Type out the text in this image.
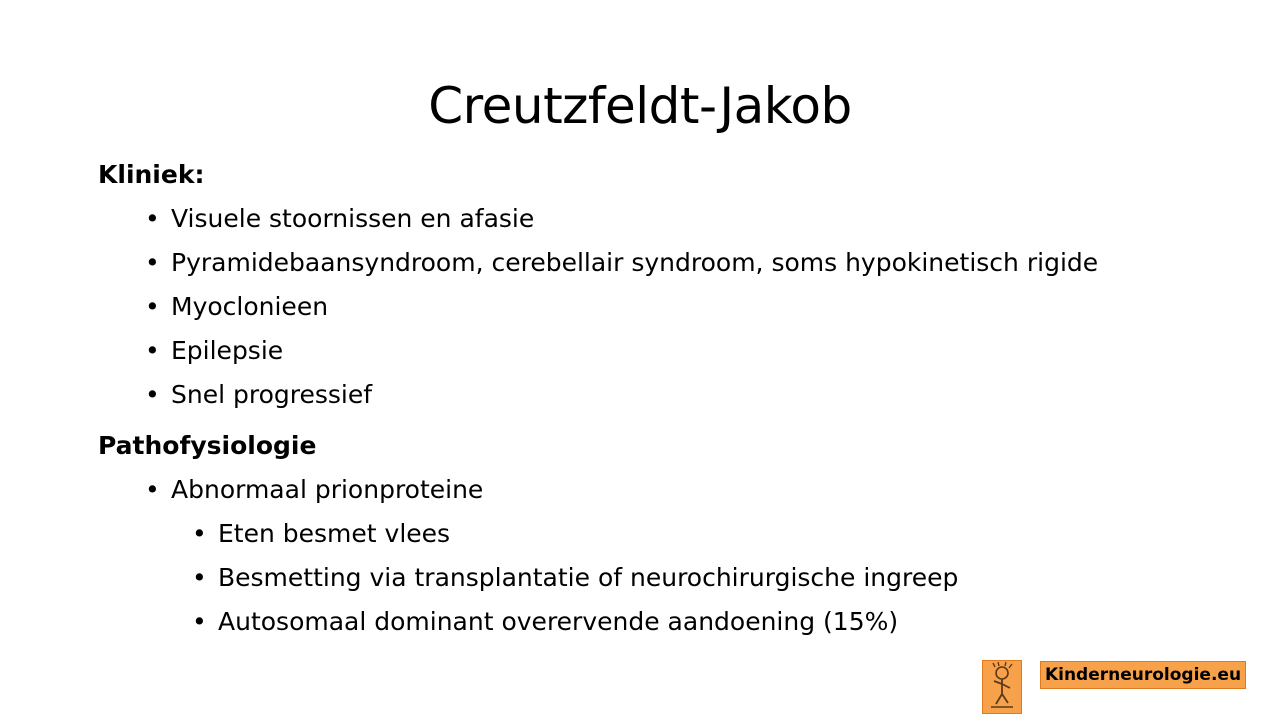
Creutzfeldt-Jakob
Kliniek:
• Visuele stoornissen en afasie
• Pyramidebaansyndroom, cerebellair syndroom, soms hypokinetisch rigide
• Myoclonieen
• Epilepsie
• Snel progressief
Pathofysiologie
• Abnormaal prionproteine
• Eten besmet vlees
• Besmetting via transplantatie of neurochirurgische ingreep
• Autosomaal dominant overervende aandoening (15%)
Kinderneurologie.eu
